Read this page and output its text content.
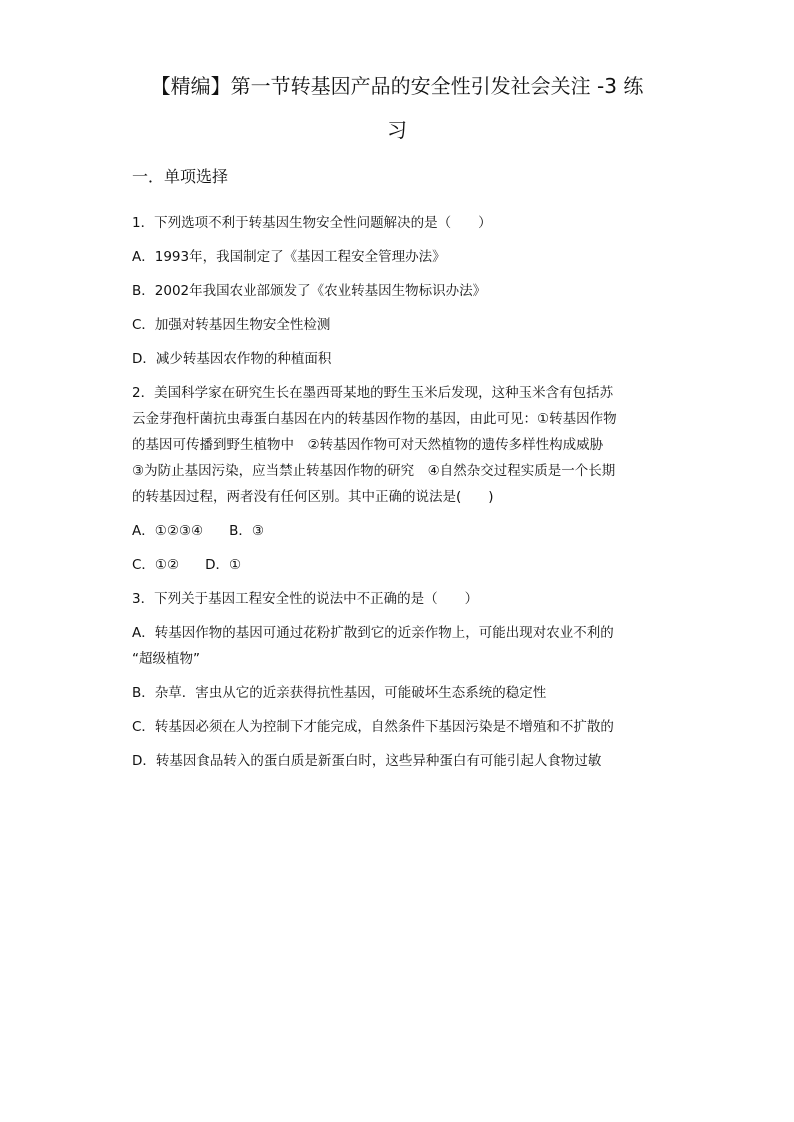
【精编】第一节转基因产品的安全性引发社会关注 -3 练
习
一．单项选择

1．下列选项不利于转基因生物安全性问题解决的是（　　）

A．1993年，我国制定了《基因工程安全管理办法》

B．2002年我国农业部颁发了《农业转基因生物标识办法》

C．加强对转基因生物安全性检测

D．减少转基因农作物的种植面积

2．美国科学家在研究生长在墨西哥某地的野生玉米后发现，这种玉米含有包括苏
云金芽孢杆菌抗虫毒蛋白基因在内的转基因作物的基因，由此可见：①转基因作物
的基因可传播到野生植物中　②转基因作物可对天然植物的遗传多样性构成威胁
③为防止基因污染，应当禁止转基因作物的研究　④自然杂交过程实质是一个长期
的转基因过程，两者没有任何区别。其中正确的说法是(　　)

A．①②③④ B．③

C．①② D．①

3．下列关于基因工程安全性的说法中不正确的是（　　）

A．转基因作物的基因可通过花粉扩散到它的近亲作物上，可能出现对农业不利的
“超级植物”

B．杂草．害虫从它的近亲获得抗性基因，可能破坏生态系统的稳定性

C．转基因必须在人为控制下才能完成，自然条件下基因污染是不增殖和不扩散的

D．转基因食品转入的蛋白质是新蛋白时，这些异种蛋白有可能引起人食物过敏
